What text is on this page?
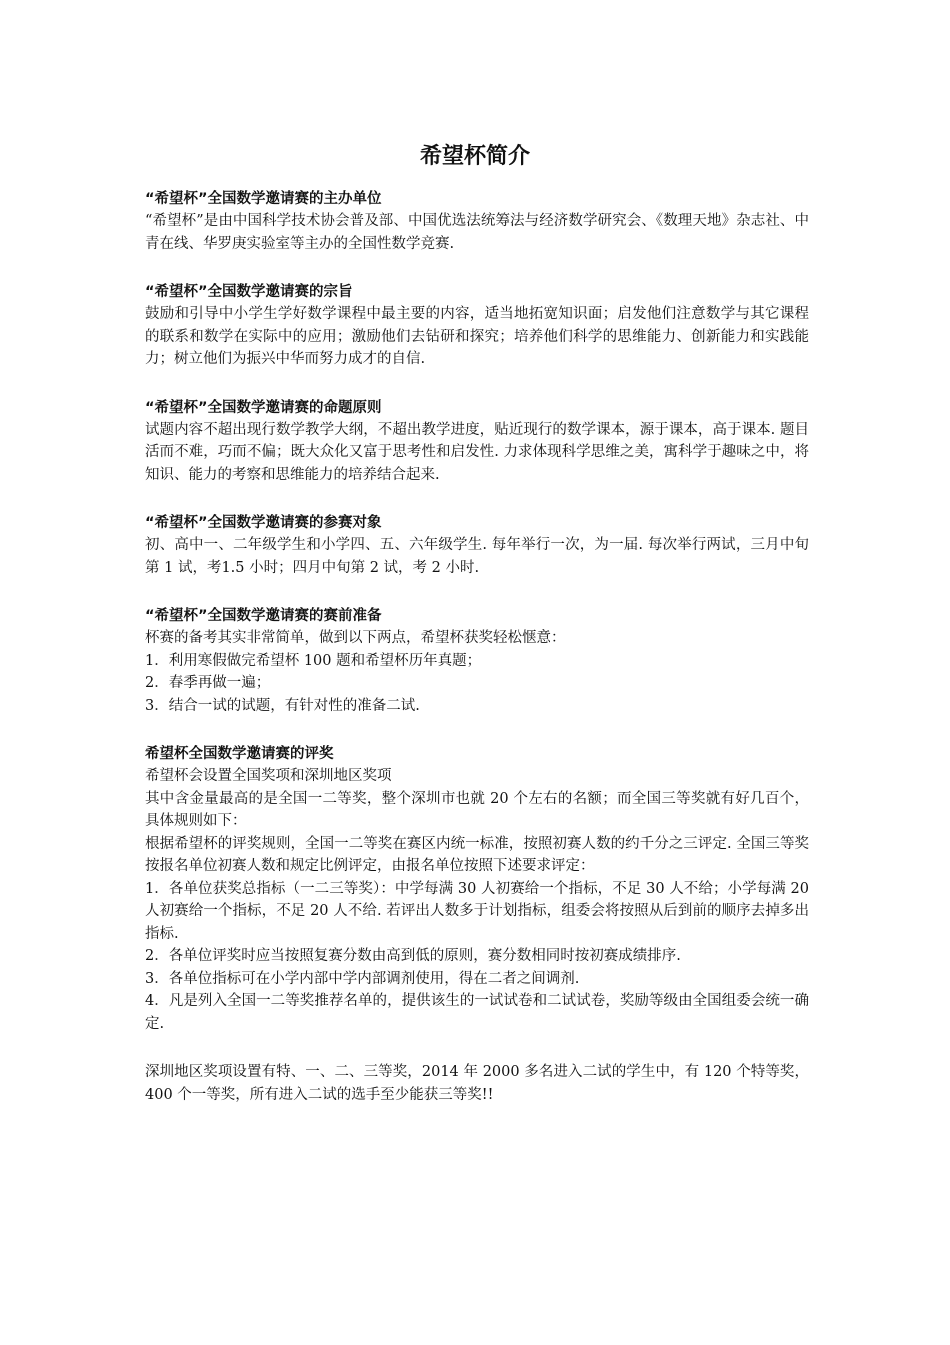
希望杯简介

“希望杯”全国数学邀请赛的主办单位

“希望杯”是由中国科学技术协会普及部、中国优选法统筹法与经济数学研究会、《数理天地》杂志社、中青在线、华罗庚实验室等主办的全国性数学竞赛.

“希望杯”全国数学邀请赛的宗旨

鼓励和引导中小学生学好数学课程中最主要的内容，适当地拓宽知识面；启发他们注意数学与其它课程的联系和数学在实际中的应用；激励他们去钻研和探究；培养他们科学的思维能力、创新能力和实践能力；树立他们为振兴中华而努力成才的自信.

“希望杯”全国数学邀请赛的命题原则

试题内容不超出现行数学教学大纲，不超出教学进度，贴近现行的数学课本，源于课本，高于课本. 题目活而不难，巧而不偏；既大众化又富于思考性和启发性. 力求体现科学思维之美，寓科学于趣味之中，将知识、能力的考察和思维能力的培养结合起来.

“希望杯”全国数学邀请赛的参赛对象

初、高中一、二年级学生和小学四、五、六年级学生. 每年举行一次，为一届. 每次举行两试，三月中旬第 1 试，考1.5 小时；四月中旬第 2 试，考 2 小时.

“希望杯”全国数学邀请赛的赛前准备

杯赛的备考其实非常简单，做到以下两点，希望杯获奖轻松惬意：

1．利用寒假做完希望杯 100 题和希望杯历年真题；

2．春季再做一遍；

3．结合一试的试题，有针对性的准备二试.

希望杯全国数学邀请赛的评奖

希望杯会设置全国奖项和深圳地区奖项

其中含金量最高的是全国一二等奖，整个深圳市也就 20 个左右的名额；而全国三等奖就有好几百个，具体规则如下：

根据希望杯的评奖规则，全国一二等奖在赛区内统一标准，按照初赛人数的约千分之三评定. 全国三等奖按报名单位初赛人数和规定比例评定，由报名单位按照下述要求评定：

1．各单位获奖总指标（一二三等奖）：中学每满 30 人初赛给一个指标，不足 30 人不给；小学每满 20 人初赛给一个指标，不足 20 人不给. 若评出人数多于计划指标，组委会将按照从后到前的顺序去掉多出指标.

2．各单位评奖时应当按照复赛分数由高到低的原则，赛分数相同时按初赛成绩排序.

3．各单位指标可在小学内部中学内部调剂使用，得在二者之间调剂.

4．凡是列入全国一二等奖推荐名单的，提供该生的一试试卷和二试试卷，奖励等级由全国组委会统一确定.

深圳地区奖项设置有特、一、二、三等奖，2014 年 2000 多名进入二试的学生中，有 120 个特等奖，400 个一等奖，所有进入二试的选手至少能获三等奖!!
